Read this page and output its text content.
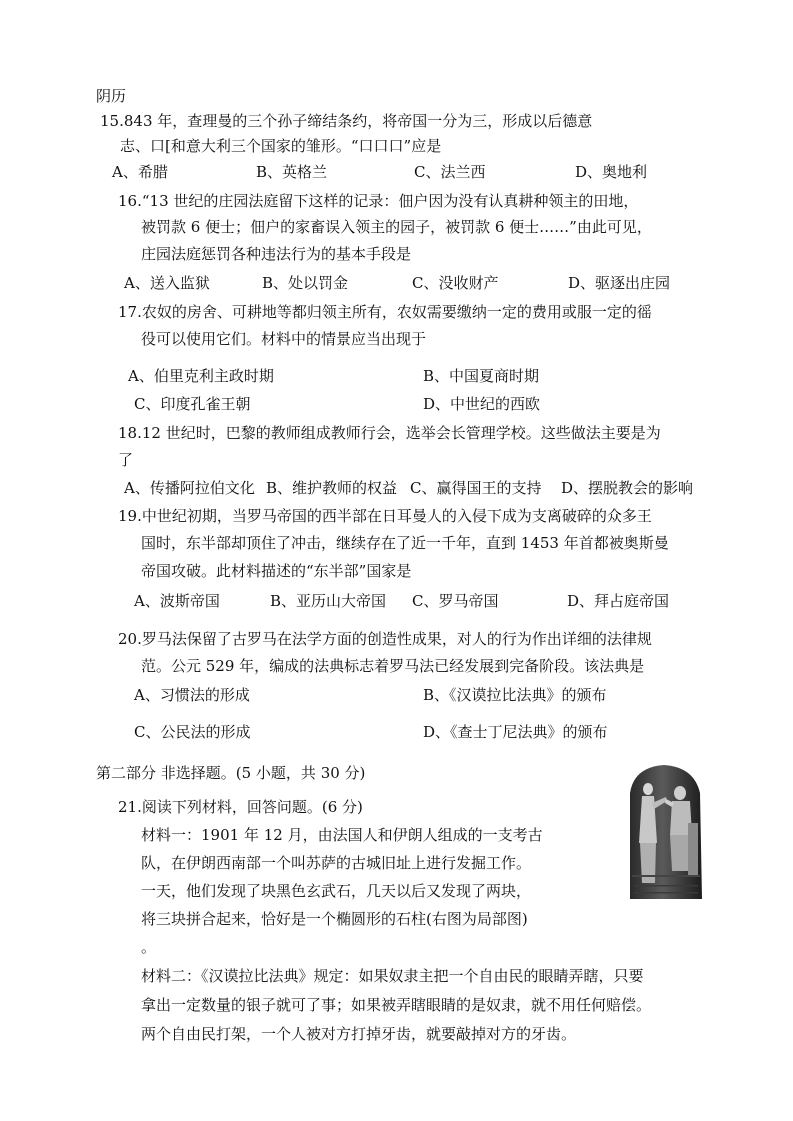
阴历
15.843 年，查理曼的三个孙子缔结条约，将帝国一分为三，形成以后德意
志、口[和意大利三个国家的雏形。“口口口”应是
A、希腊	B、英格兰	C、法兰西	D、奥地利
16.“13 世纪的庄园法庭留下这样的记录：佃户因为没有认真耕种领主的田地，
被罚款 6 便士；佃户的家畜误入领主的园子，被罚款 6 便士……”由此可见，
庄园法庭惩罚各种违法行为的基本手段是
A、送入监狱	B、处以罚金	C、没收财产	D、驱逐出庄园
17.农奴的房舍、可耕地等都归领主所有，农奴需要缴纳一定的费用或服一定的徭
役可以使用它们。材料中的情景应当出现于
A、伯里克利主政时期	B、中国夏商时期
C、印度孔雀王朝	D、中世纪的西欧
18.12 世纪时，巴黎的教师组成教师行会，选举会长管理学校。这些做法主要是为
了
A、传播阿拉伯文化 B、维护教师的权益 C、赢得国王的支持 D、摆脱教会的影响
19.中世纪初期，当罗马帝国的西半部在日耳曼人的入侵下成为支离破碎的众多王
国时，东半部却顶住了冲击，继续存在了近一千年，直到 1453 年首都被奥斯曼
帝国攻破。此材料描述的“东半部”国家是
A、波斯帝国	B、亚历山大帝国 C、罗马帝国	D、拜占庭帝国
20.罗马法保留了古罗马在法学方面的创造性成果，对人的行为作出详细的法律规
范。公元 529 年，编成的法典标志着罗马法已经发展到完备阶段。该法典是
A、习惯法的形成	B、《汉谟拉比法典》的颁布
C、公民法的形成	D、《查士丁尼法典》的颁布
第二部分 非选择题。(5 小题，共 30 分)
21.阅读下列材料，回答问题。(6 分)
材料一：1901 年 12 月，由法国人和伊朗人组成的一支考古
队，在伊朗西南部一个叫苏萨的古城旧址上进行发掘工作。
一天，他们发现了块黑色玄武石，几天以后又发现了两块，
将三块拼合起来，恰好是一个椭圆形的石柱(右图为局部图)
。
材料二：《汉谟拉比法典》规定：如果奴隶主把一个自由民的眼睛弄瞎，只要
拿出一定数量的银子就可了事；如果被弄瞎眼睛的是奴隶，就不用任何赔偿。
两个自由民打架，一个人被对方打掉牙齿，就要敲掉对方的牙齿。
